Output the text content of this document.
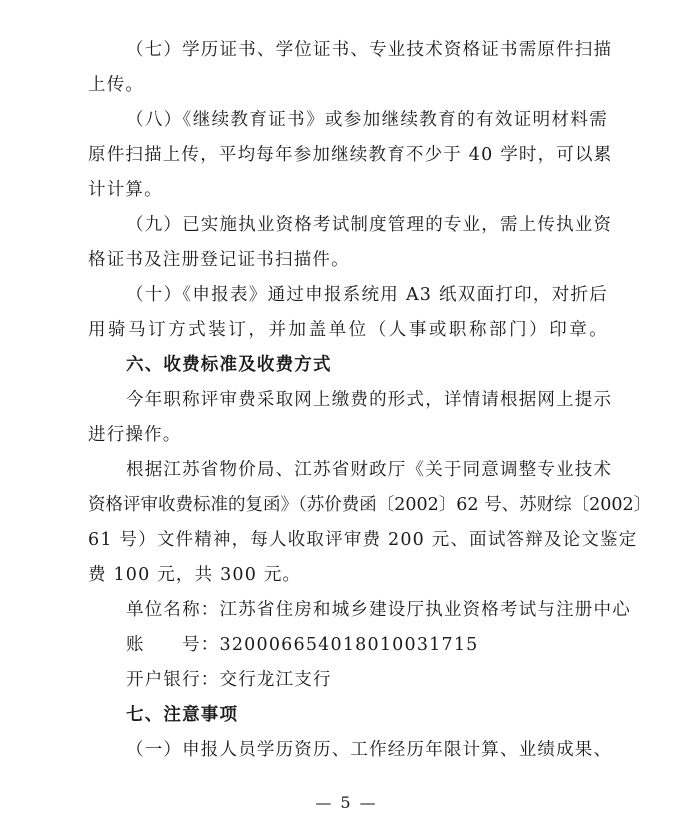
（七）学历证书、学位证书、专业技术资格证书需原件扫描
上传。
（八）《继续教育证书》或参加继续教育的有效证明材料需
原件扫描上传，平均每年参加继续教育不少于 40 学时，可以累
计计算。
（九）已实施执业资格考试制度管理的专业，需上传执业资
格证书及注册登记证书扫描件。
（十）《申报表》通过申报系统用 A3 纸双面打印，对折后
用骑马订方式装订，并加盖单位（人事或职称部门）印章。
六、收费标准及收费方式
今年职称评审费采取网上缴费的形式，详情请根据网上提示
进行操作。
根据江苏省物价局、江苏省财政厅《关于同意调整专业技术
资格评审收费标准的复函》（苏价费函〔2002〕62 号、苏财综〔2002〕
61 号）文件精神，每人收取评审费 200 元、面试答辩及论文鉴定
费 100 元，共 300 元。
单位名称：江苏省住房和城乡建设厅执业资格考试与注册中心
账　　号：32000665401801003171​5
开户银行：交行龙江支行
七、注意事项
（一）申报人员学历资历、工作经历年限计算、业绩成果、
— 5 —
